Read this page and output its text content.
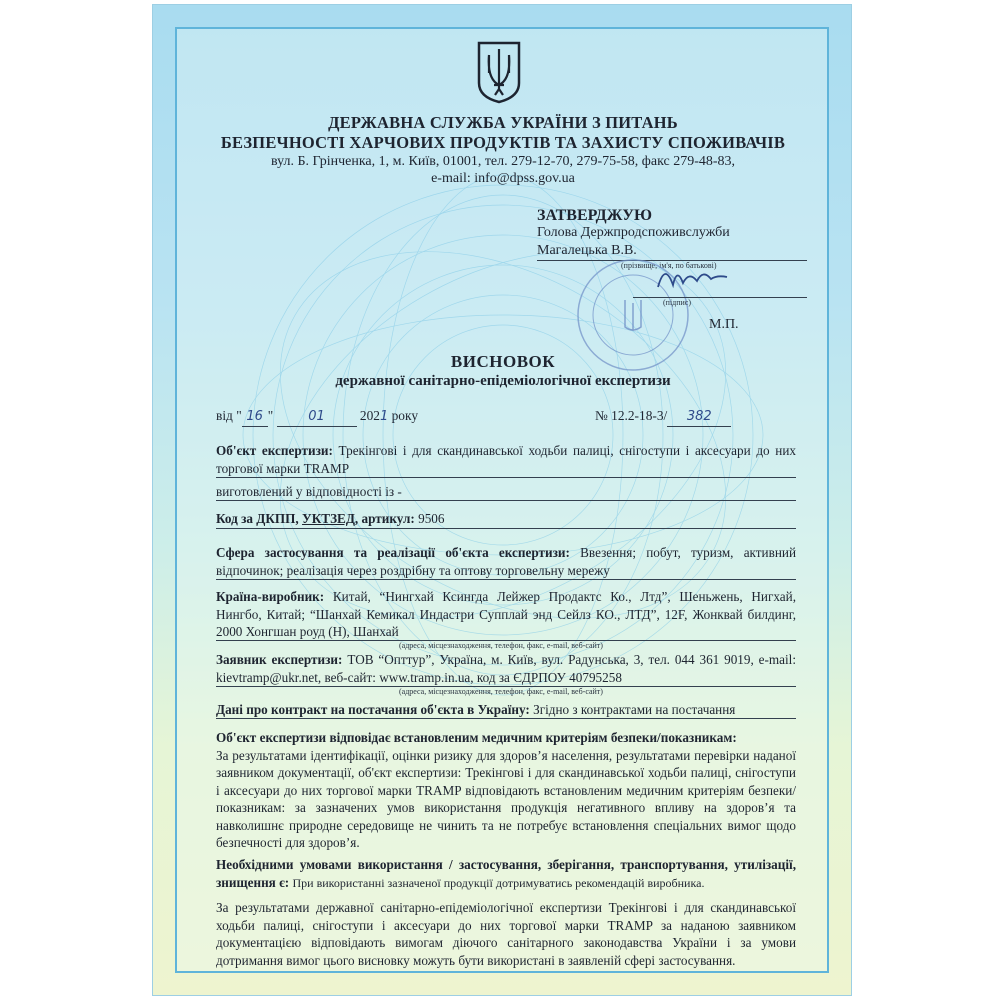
ДЕРЖАВНА СЛУЖБА УКРАЇНИ З ПИТАНЬ
БЕЗПЕЧНОСТІ ХАРЧОВИХ ПРОДУКТІВ ТА ЗАХИСТУ СПОЖИВАЧІВ
вул. Б. Грінченка, 1, м. Київ, 01001, тел. 279-12-70, 279-75-58, факс 279-48-83,
e-mail: info@dpss.gov.ua
ЗАТВЕРДЖУЮ
Голова Держпродспоживслужби
Магалецька В.В.
(прізвище, ім'я, по батькові)
(підпис)
М.П.
ВИСНОВОК
державної санітарно-епідеміологічної експертизи
від " 16 " 01	2021 року	№ 12.2-18-3/ 382
Об'єкт експертизи: Трекінгові і для скандинавської ходьби палиці, снігоступи і аксесуари до них торгової марки TRAMP
виготовлений у відповідності із -
Код за ДКПП, УКТЗЕД, артикул: 9506
Сфера застосування та реалізації об'єкта експертизи: Ввезення; побут, туризм, активний відпочинок; реалізація через роздрібну та оптову торговельну мережу
Країна-виробник: Китай, “Нингхай Ксингда Лейжер Продактс Ко., Лтд”, Шеньжень, Нигхай, Нингбо, Китай; “Шанхай Кемикал Индастри Супплай энд Сейлз КО., ЛТД”, 12F, Жонквай билдинг, 2000 Хонгшан роуд (Н), Шанхай
(адреса, місцезнаходження, телефон, факс, e-mail, веб-сайт)
Заявник експертизи: ТОВ “Опттур”, Україна, м. Київ, вул. Радунська, 3, тел. 044 361 9019, e-mail: kievtramp@ukr.net, веб-сайт: www.tramp.in.ua, код за ЄДРПОУ 40795258
(адреса, місцезнаходження, телефон, факс, e-mail, веб-сайт)
Дані про контракт на постачання об'єкта в Україну: Згідно з контрактами на постачання
Об'єкт експертизи відповідає встановленим медичним критеріям безпеки/показникам:
За результатами ідентифікації, оцінки ризику для здоров’я населення, результатами перевірки наданої заявником документації, об'єкт експертизи: Трекінгові і для скандинавської ходьби палиці, снігоступи і аксесуари до них торгової марки TRAMP відповідають встановленим медичним критеріям безпеки/показникам: за зазначених умов використання продукція негативного впливу на здоров’я та навколишнє природне середовище не чинить та не потребує встановлення спеціальних вимог щодо безпечності для здоров’я.
Необхідними умовами використання / застосування, зберігання, транспортування, утилізації, знищення є: При використанні зазначеної продукції дотримуватись рекомендацій виробника.
За результатами державної санітарно-епідеміологічної експертизи Трекінгові і для скандинавської ходьби палиці, снігоступи і аксесуари до них торгової марки TRAMP за наданою заявником документацією відповідають вимогам діючого санітарного законодавства України і за умови дотримання вимог цього висновку можуть бути використані в заявленій сфері застосування.
